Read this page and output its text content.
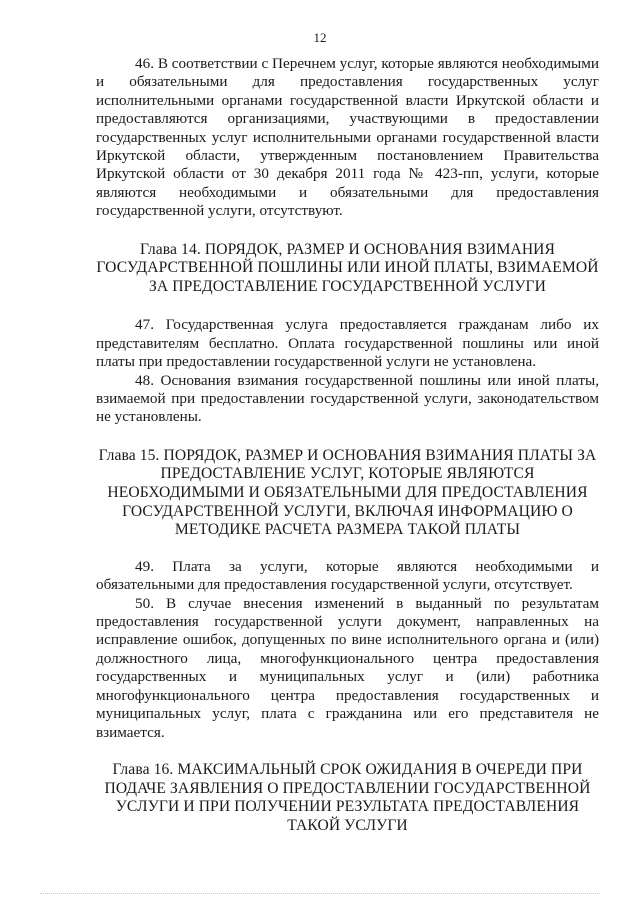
12

46. В соответствии с Перечнем услуг, которые являются необходимыми и обязательными для предоставления государственных услуг исполнительными органами государственной власти Иркутской области и предоставляются организациями, участвующими в предоставлении государственных услуг исполнительными органами государственной власти Иркутской области, утвержденным постановлением Правительства Иркутской области от 30 декабря 2011 года № 423-пп, услуги, которые являются необходимыми и обязательными для предоставления государственной услуги, отсутствуют.

Глава 14. ПОРЯДОК, РАЗМЕР И ОСНОВАНИЯ ВЗИМАНИЯ ГОСУДАРСТВЕННОЙ ПОШЛИНЫ ИЛИ ИНОЙ ПЛАТЫ, ВЗИМАЕМОЙ ЗА ПРЕДОСТАВЛЕНИЕ ГОСУДАРСТВЕННОЙ УСЛУГИ

47. Государственная услуга предоставляется гражданам либо их представителям бесплатно. Оплата государственной пошлины или иной платы при предоставлении государственной услуги не установлена.

48. Основания взимания государственной пошлины или иной платы, взимаемой при предоставлении государственной услуги, законодательством не установлены.

Глава 15. ПОРЯДОК, РАЗМЕР И ОСНОВАНИЯ ВЗИМАНИЯ ПЛАТЫ ЗА ПРЕДОСТАВЛЕНИЕ УСЛУГ, КОТОРЫЕ ЯВЛЯЮТСЯ НЕОБХОДИМЫМИ И ОБЯЗАТЕЛЬНЫМИ ДЛЯ ПРЕДОСТАВЛЕНИЯ ГОСУДАРСТВЕННОЙ УСЛУГИ, ВКЛЮЧАЯ ИНФОРМАЦИЮ О МЕТОДИКЕ РАСЧЕТА РАЗМЕРА ТАКОЙ ПЛАТЫ

49. Плата за услуги, которые являются необходимыми и обязательными для предоставления государственной услуги, отсутствует.

50. В случае внесения изменений в выданный по результатам предоставления государственной услуги документ, направленных на исправление ошибок, допущенных по вине исполнительного органа и (или) должностного лица, многофункционального центра предоставления государственных и муниципальных услуг и (или) работника многофункционального центра предоставления государственных и муниципальных услуг, плата с гражданина или его представителя не взимается.

Глава 16. МАКСИМАЛЬНЫЙ СРОК ОЖИДАНИЯ В ОЧЕРЕДИ ПРИ ПОДАЧЕ ЗАЯВЛЕНИЯ О ПРЕДОСТАВЛЕНИИ ГОСУДАРСТВЕННОЙ УСЛУГИ И ПРИ ПОЛУЧЕНИИ РЕЗУЛЬТАТА ПРЕДОСТАВЛЕНИЯ ТАКОЙ УСЛУГИ
